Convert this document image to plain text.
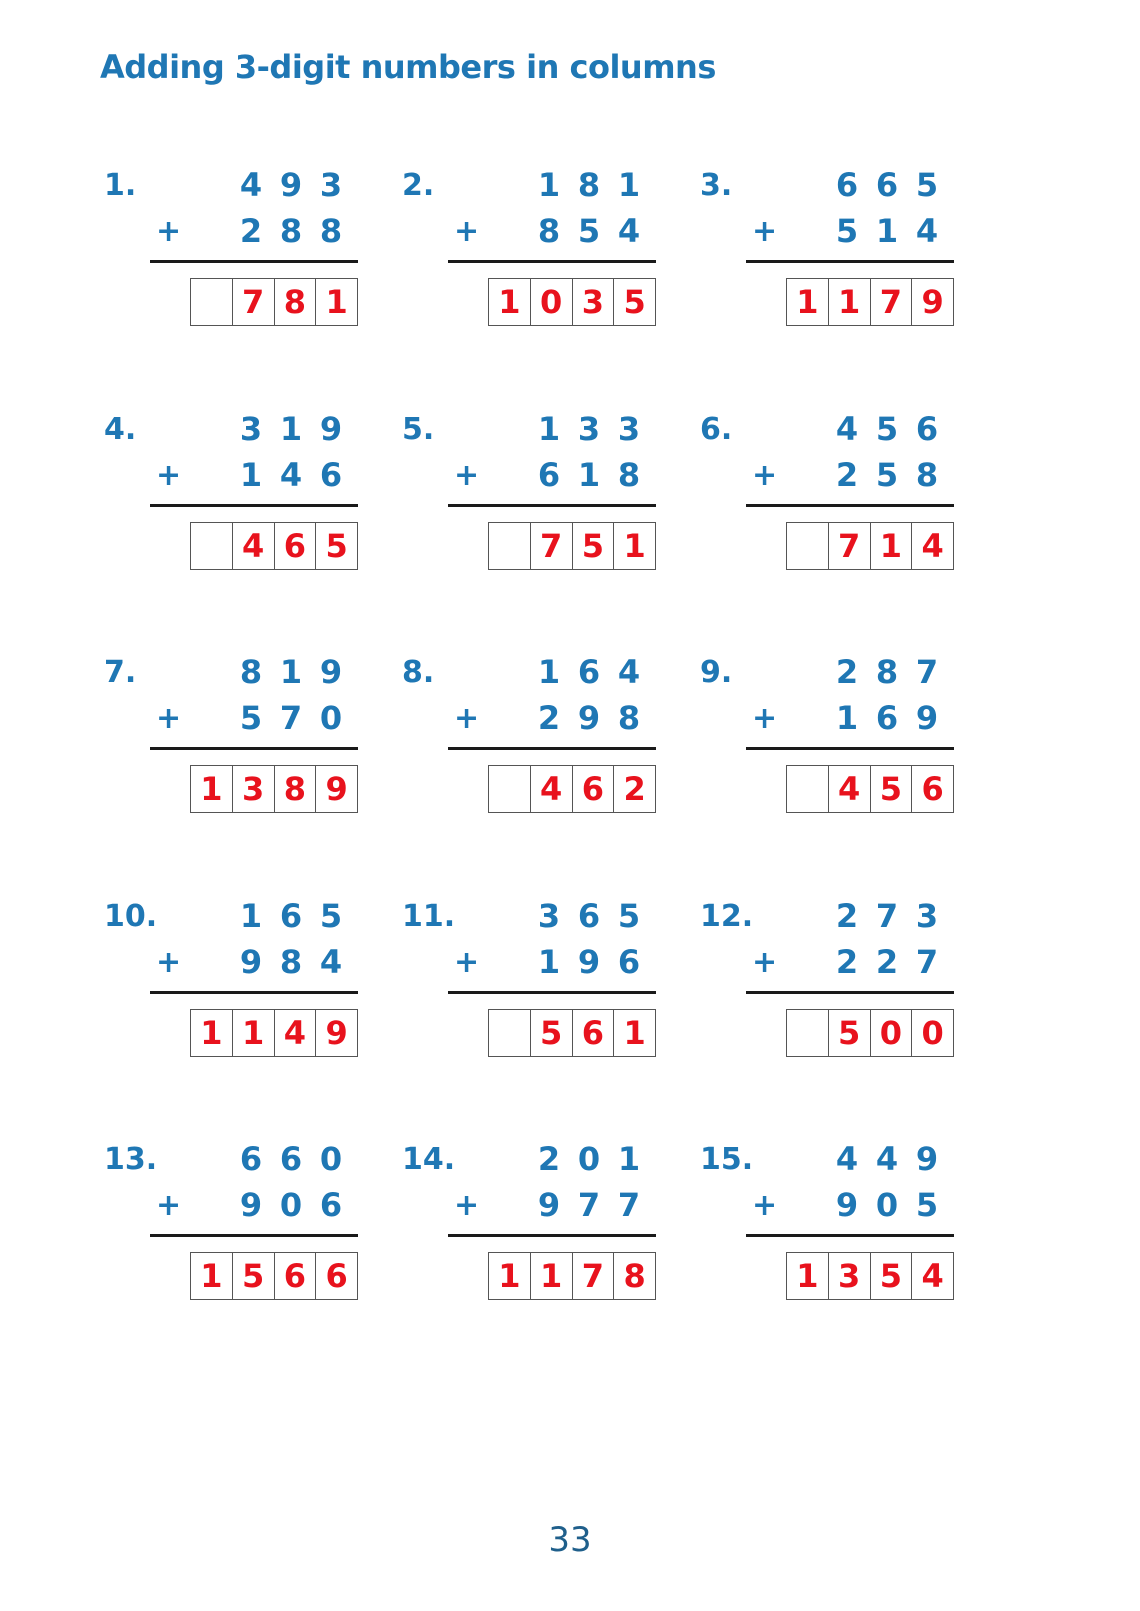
Adding 3-digit numbers in columns
1.	4 9 3
2 8 8
+
7 8 1
2.	1 8 1
8 5 4
+
1 0 3 5
3.	6 6 5
5 1 4
+
1 1 7 9
4.	3 1 9
1 4 6
+
4 6 5
5.	1 3 3
6 1 8
+
7 5 1
6.	4 5 6
2 5 8
+
7 1 4
7.	8 1 9
5 7 0
+
1 3 8 9
8.	1 6 4
2 9 8
+
4 6 2
9.	2 8 7
1 6 9
+
4 5 6
10.	1 6 5
9 8 4
+
1 1 4 9
11.	3 6 5
1 9 6
+
5 6 1
12.	2 7 3
2 2 7
+
5 0 0
13.	6 6 0
9 0 6
+
1 5 6 6
14.	2 0 1
9 7 7
+
1 1 7 8
15.	4 4 9
9 0 5
+
1 3 5 4
33
